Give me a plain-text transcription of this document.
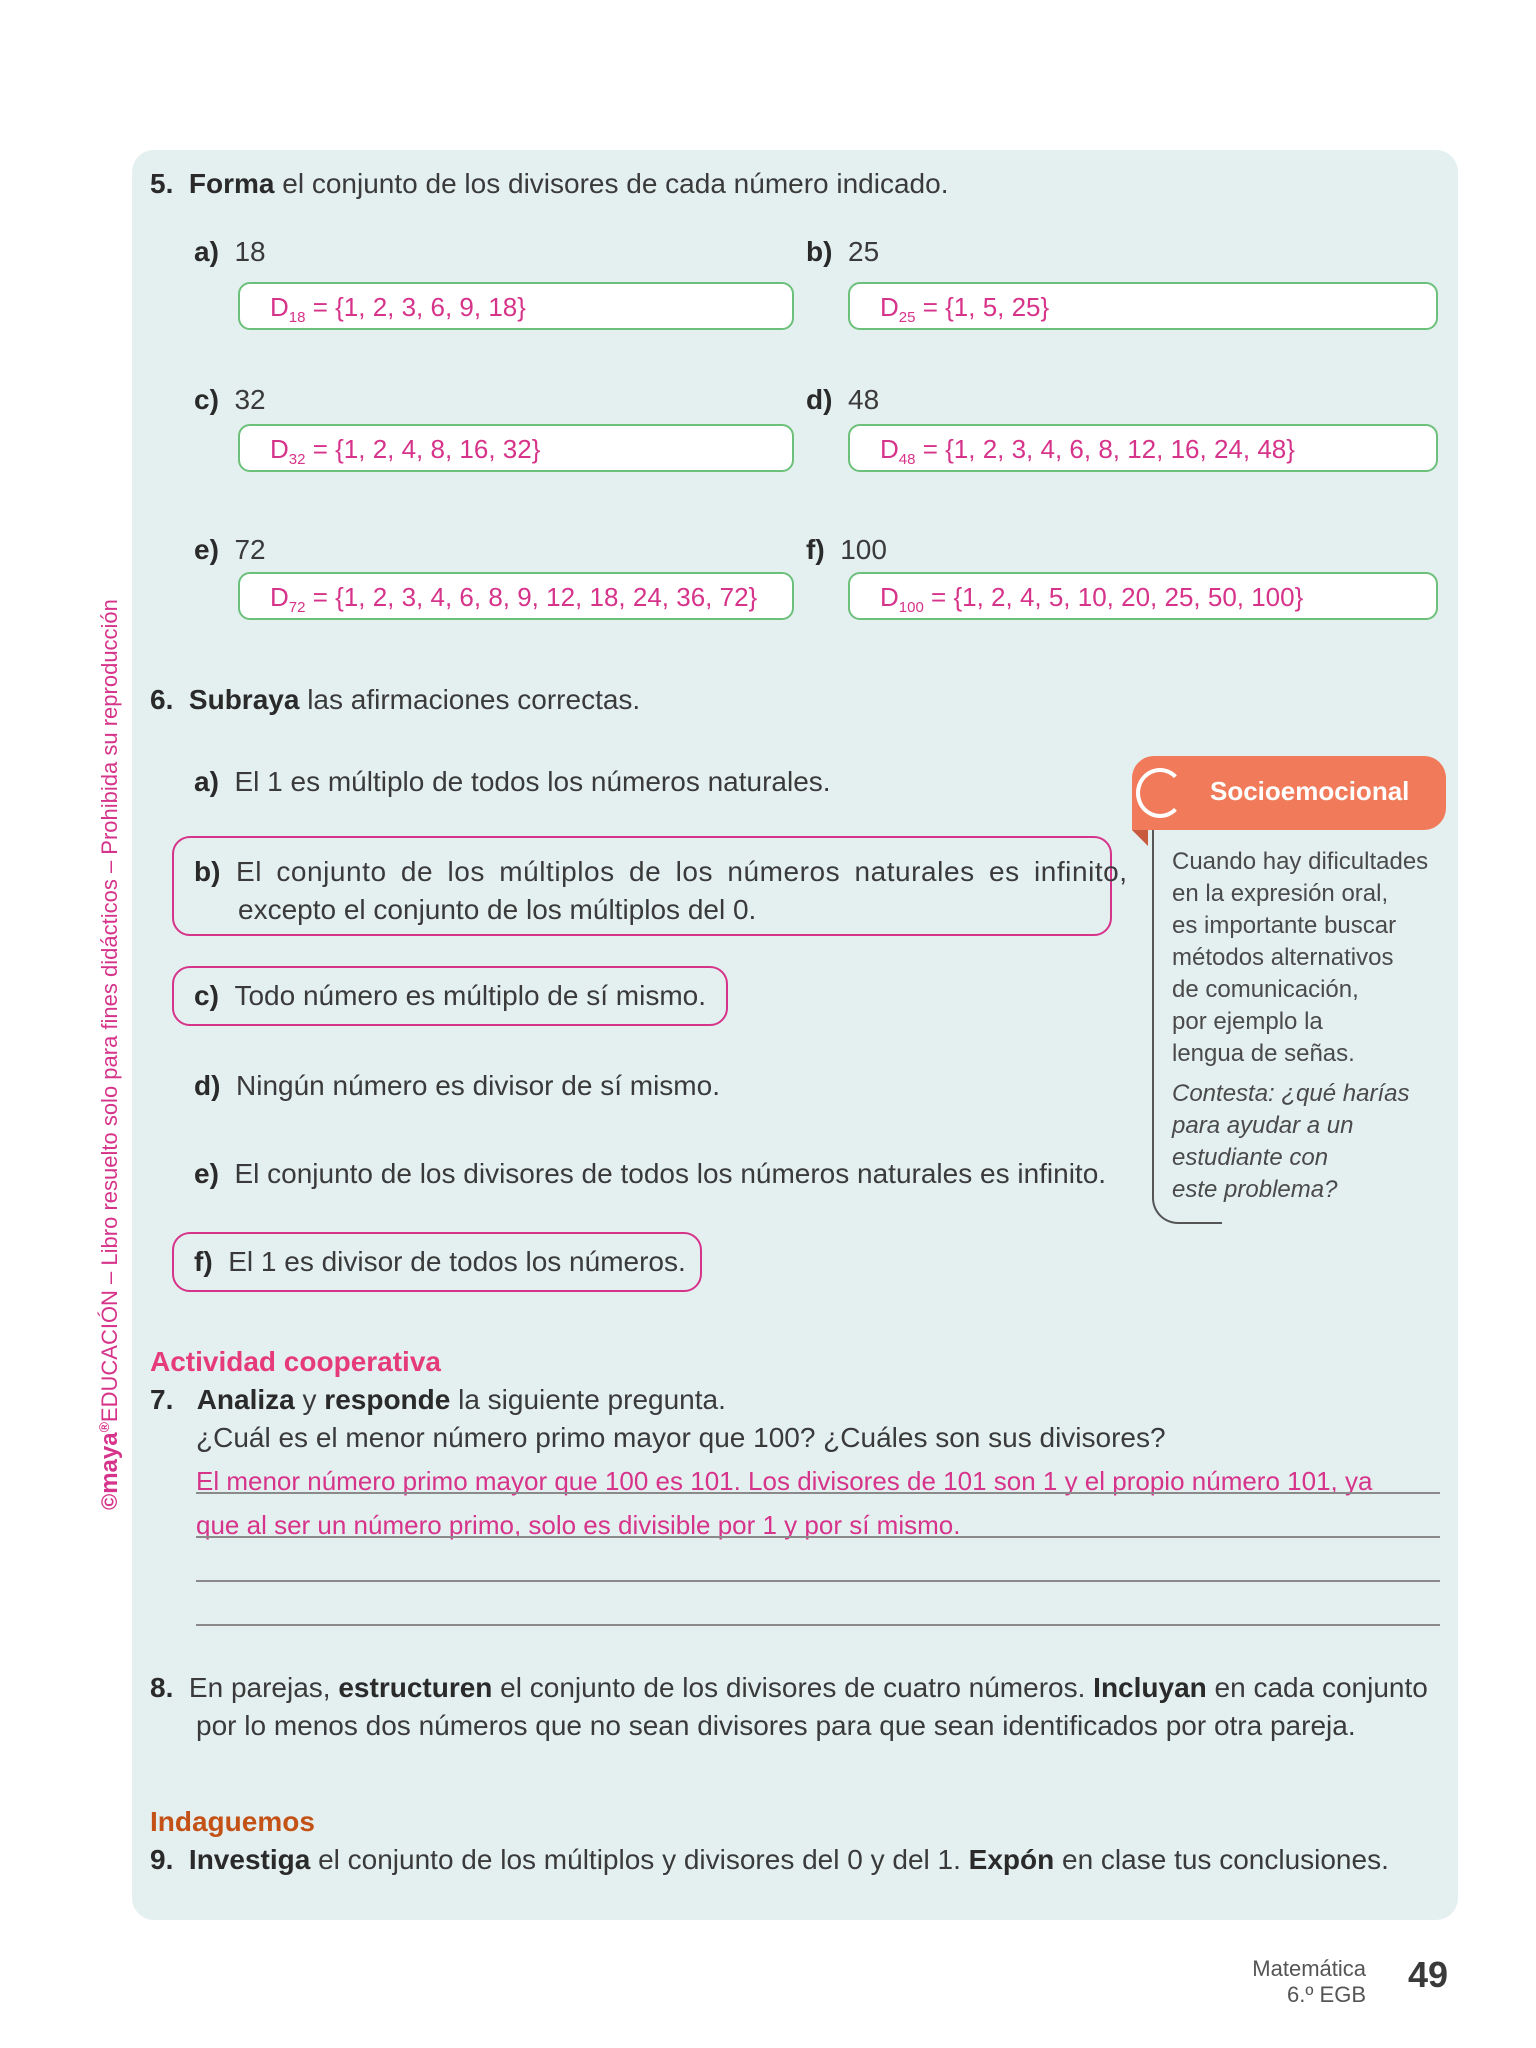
©maya®EDUCACIÓN – Libro resuelto solo para fines didácticos – Prohibida su reproducción
5. Forma el conjunto de los divisores de cada número indicado.
a) 18
$D_{18} = \{1$, 2, 3, 6, 9, 18}
b) 25
$D_{25} = \{1$, 5, 25}
c) 32
$D_{32} = \{1$, 2, 4, 8, 16, 32}
d) 48
$D_{48} = \{1$, 2, 3, 4, 6, 8, 12, 16, 24, 48}
e) 72
$D_{72} = \{1$, 2, 3, 4, 6, 8, 9, 12, 18, 24, 36, 72}
f) 100
$D_{100} = \{1$, 2, 4, 5, 10, 20, 25, 50, 100}
6. Subraya las afirmaciones correctas.
a) El 1 es múltiplo de todos los números naturales.
b) El conjunto de los múltiplos de los números naturales es infinito,
excepto el conjunto de los múltiplos del 0.
c) Todo número es múltiplo de sí mismo.
d) Ningún número es divisor de sí mismo.
e) El conjunto de los divisores de todos los números naturales es infinito.
f) El 1 es divisor de todos los números.
Socioemocional
Cuando hay dificultades
en la expresión oral,
es importante buscar
métodos alternativos
de comunicación,
por ejemplo la
lengua de señas.
Contesta: ¿qué harías
para ayudar a un
estudiante con
este problema?
Actividad cooperativa
7. Analiza y responde la siguiente pregunta.
¿Cuál es el menor número primo mayor que 100? ¿Cuáles son sus divisores?
El menor número primo mayor que 100 es 101. Los divisores de 101 son 1 y el propio número 101, ya
que al ser un número primo, solo es divisible por 1 y por sí mismo.
8. En parejas, estructuren el conjunto de los divisores de cuatro números. Incluyan en cada conjunto
por lo menos dos números que no sean divisores para que sean identificados por otra pareja.
Indaguemos
9. Investiga el conjunto de los múltiplos y divisores del 0 y del 1. Expón en clase tus conclusiones.
Matemática
6.º EGB 49
